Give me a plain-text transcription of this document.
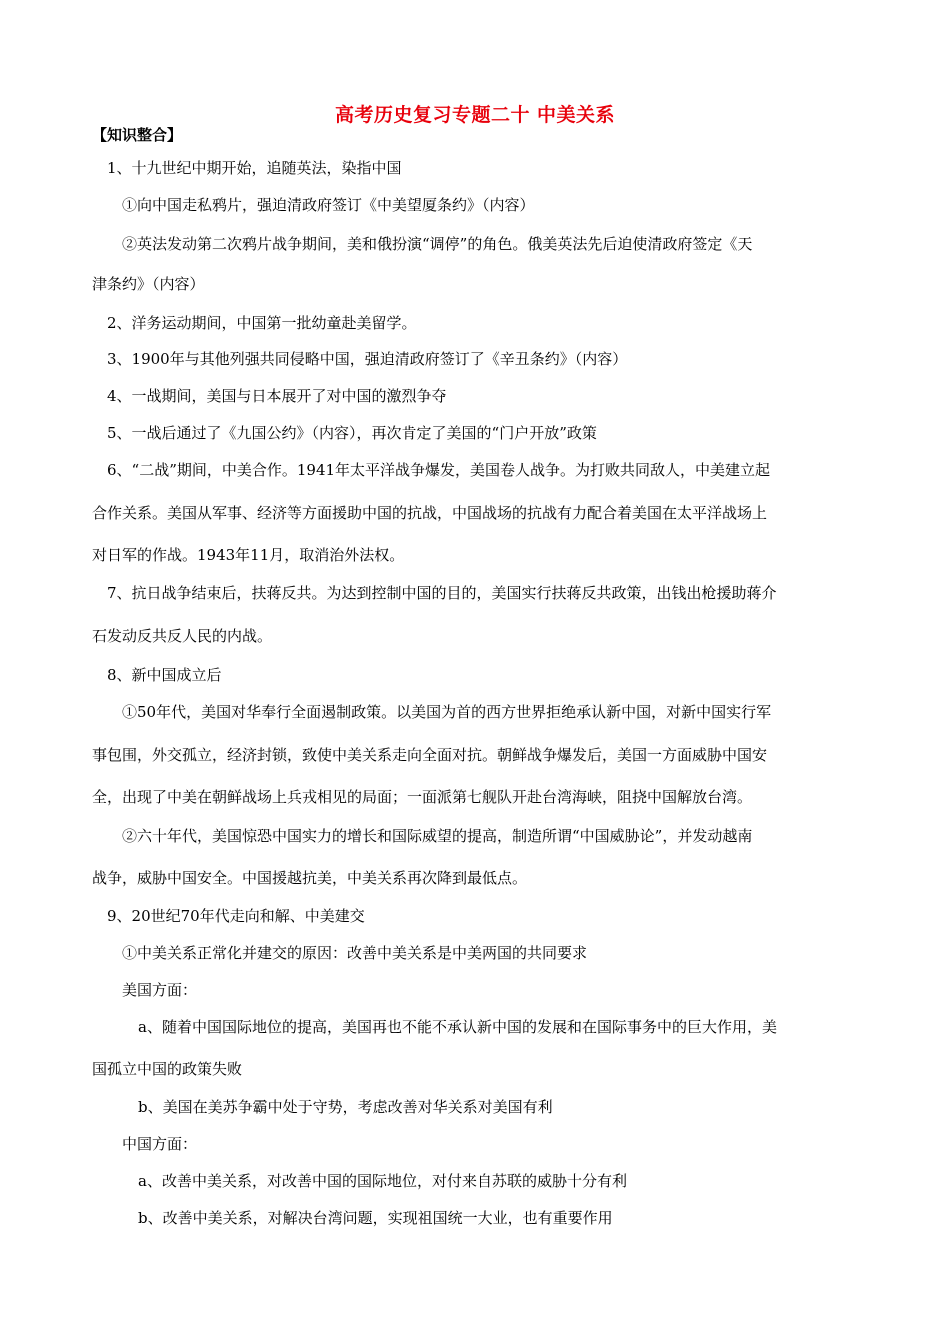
高考历史复习专题二十 中美关系
【知识整合】
1、十九世纪中期开始，追随英法，染指中国
①向中国走私鸦片，强迫清政府签订《中美望厦条约》（内容）
②英法发动第二次鸦片战争期间，美和俄扮演“调停”的角色。俄美英法先后迫使清政府签定《天
津条约》（内容）
2、洋务运动期间，中国第一批幼童赴美留学。
3、1900年与其他列强共同侵略中国，强迫清政府签订了《辛丑条约》（内容）
4、一战期间，美国与日本展开了对中国的激烈争夺
5、一战后通过了《九国公约》（内容），再次肯定了美国的“门户开放”政策
6、“二战”期间，中美合作。1941年太平洋战争爆发，美国卷人战争。为打败共同敌人，中美建立起
合作关系。美国从军事、经济等方面援助中国的抗战，中国战场的抗战有力配合着美国在太平洋战场上
对日军的作战。1943年11月，取消治外法权。
7、抗日战争结束后，扶蒋反共。为达到控制中国的目的，美国实行扶蒋反共政策，出钱出枪援助蒋介
石发动反共反人民的内战。
8、新中国成立后
①50年代，美国对华奉行全面遏制政策。以美国为首的西方世界拒绝承认新中国，对新中国实行军
事包围，外交孤立，经济封锁，致使中美关系走向全面对抗。朝鲜战争爆发后，美国一方面威胁中国安
全，出现了中美在朝鲜战场上兵戎相见的局面；一面派第七舰队开赴台湾海峡，阻挠中国解放台湾。
②六十年代，美国惊恐中国实力的增长和国际威望的提高，制造所谓“中国威胁论”，并发动越南
战争，威胁中国安全。中国援越抗美，中美关系再次降到最低点。
9、20世纪70年代走向和解、中美建交
①中美关系正常化并建交的原因：改善中美关系是中美两国的共同要求
美国方面：
a、随着中国国际地位的提高，美国再也不能不承认新中国的发展和在国际事务中的巨大作用，美
国孤立中国的政策失败
b、美国在美苏争霸中处于守势，考虑改善对华关系对美国有利
中国方面：
a、改善中美关系，对改善中国的国际地位，对付来自苏联的威胁十分有利
b、改善中美关系，对解决台湾问题，实现祖国统一大业，也有重要作用
